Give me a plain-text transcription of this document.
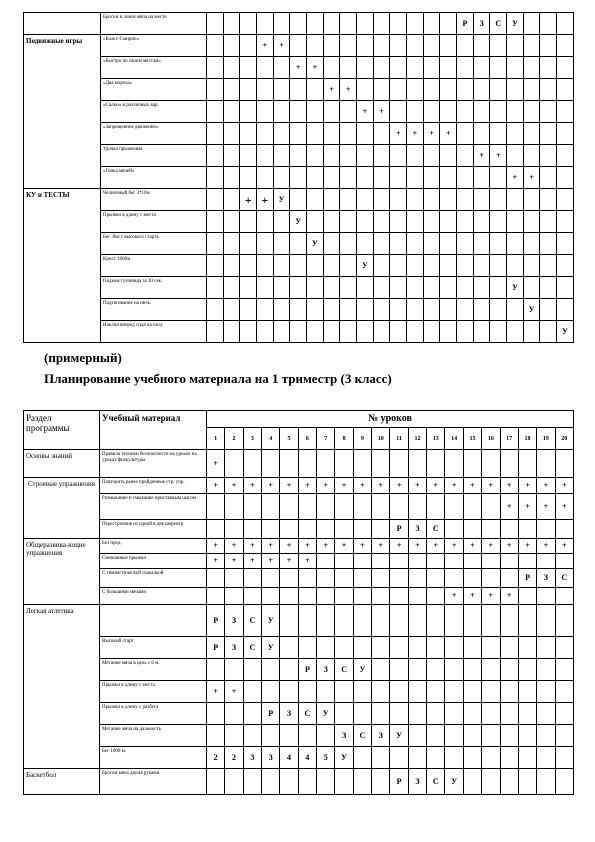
	Броски и ловля мяча на месте																Р	З	С	У			
Подвижные игры	«Класс-Смирно»				+	+																	
	«Быстро по своим местам»						+	+															
	«Два мороза»								+	+													
	«Салки» и различных вар.										+	+											
	«Запрещенное движение»												+	+	+	+							
	Удочка прыжковая																	+	+				
	«Гонка мячей»																			+	+		
КУ и ТЕСТЫ	Челночный бег 3*10м			+	+	У																	
	Прыжки в длину с места						У																
	Бег 30м с высокого старта							У															
	Кросс 1000м										У												
	Подъем туловища за 30 сек.																			У			
	Подтягивание на низк.																				У		
	Наклон вперед сидя на полу																						У
(примерный)
Планирование учебного материала на 1 триместр (3 класс)
Раздел программы	Учебный материал	№ уроков																			
		1	2	3	4	5	6	7	8	9	10	11	12	13	14	15	16	17	18	19	20
Основы знаний	Правила техники безопасности на уроках на уроках физкультуры	+																			
Строевые упражнения	Повторить ранее пройденные стр. упр.	+	+	+	+	+	+	+	+	+	+	+	+	+	+	+	+	+	+	+	+
	Размыкание и смыкание приставным шагом																	+	+	+	+
	Перестроение из одной в две шеренги											Р	З	С							
Общеразвива-ющие упражнения	Без пред.	+	+	+	+	+	+	+	+	+	+	+	+	+	+	+	+	+	+	+	+
	Смешанные прыжки	+	+	+	+	+	+														
	С гимнастической скакалкой																		Р	З	С
	С большими мячами														+	+	+	+			
Легкая атлетика		Р	З	С	У																
	Высокий старт	Р	З	С	У																
	Метание мяча в цель с 6 м.						Р	З	С	У											
	Прыжки в длину с места	+	+																		
	Прыжки в длину с разбега				Р	З	С	У													
	Метание мяча на дальность								З	С	З	У									
	Бег 1000 м.	2	2	3	3	4	4	5	У												
Баскетбол	Броски мяча двумя руками.											Р	З	С	У						
